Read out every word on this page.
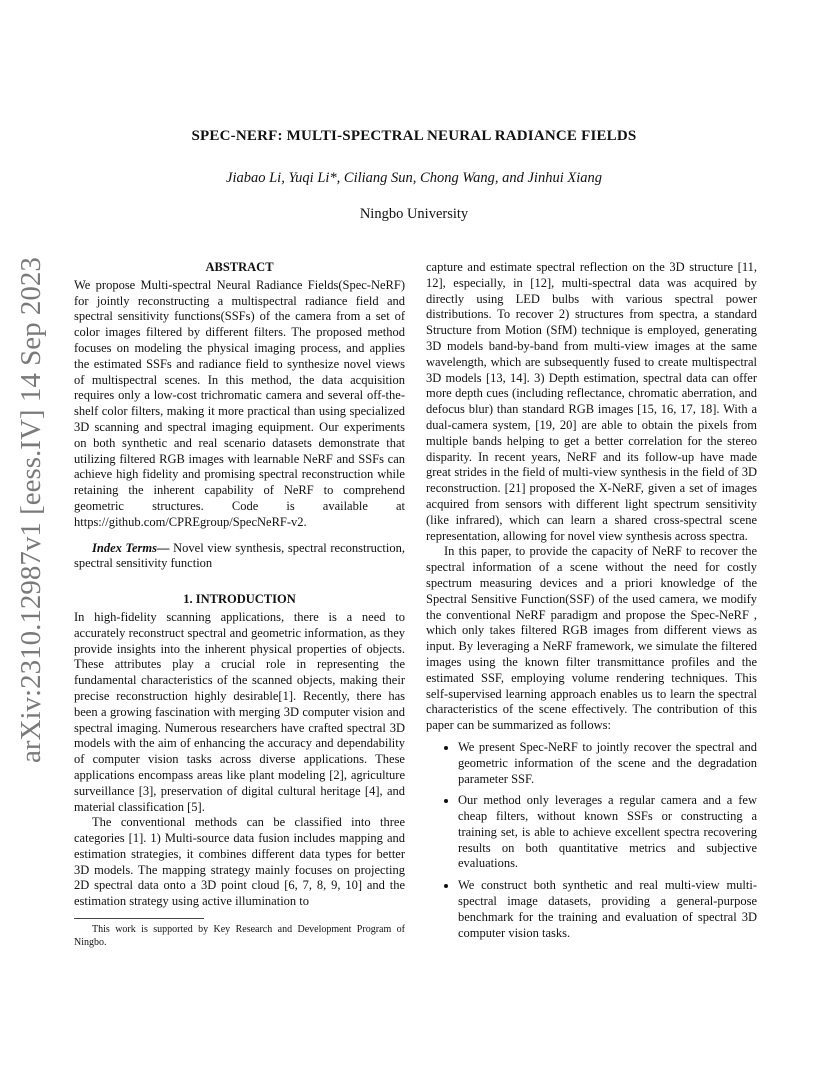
arXiv:2310.12987v1 [eess.IV] 14 Sep 2023
SPEC-NERF: MULTI-SPECTRAL NEURAL RADIANCE FIELDS
Jiabao Li, Yuqi Li*, Ciliang Sun, Chong Wang, and Jinhui Xiang
Ningbo University
ABSTRACT

We propose Multi-spectral Neural Radiance Fields(Spec-NeRF) for jointly reconstructing a multispectral radiance field and spectral sensitivity functions(SSFs) of the camera from a set of color images filtered by different filters. The proposed method focuses on modeling the physical imaging process, and applies the estimated SSFs and radiance field to synthesize novel views of multispectral scenes. In this method, the data acquisition requires only a low-cost trichromatic camera and several off-the-shelf color filters, making it more practical than using specialized 3D scanning and spectral imaging equipment. Our experiments on both synthetic and real scenario datasets demonstrate that utilizing filtered RGB images with learnable NeRF and SSFs can achieve high fidelity and promising spectral reconstruction while retaining the inherent capability of NeRF to comprehend geometric structures. Code is available at https://github.com/CPREgroup/SpecNeRF-v2.

Index Terms— Novel view synthesis, spectral reconstruction, spectral sensitivity function

1. INTRODUCTION

In high-fidelity scanning applications, there is a need to accurately reconstruct spectral and geometric information, as they provide insights into the inherent physical properties of objects. These attributes play a crucial role in representing the fundamental characteristics of the scanned objects, making their precise reconstruction highly desirable[1]. Recently, there has been a growing fascination with merging 3D computer vision and spectral imaging. Numerous researchers have crafted spectral 3D models with the aim of enhancing the accuracy and dependability of computer vision tasks across diverse applications. These applications encompass areas like plant modeling [2], agriculture surveillance [3], preservation of digital cultural heritage [4], and material classification [5].

The conventional methods can be classified into three categories [1]. 1) Multi-source data fusion includes mapping and estimation strategies, it combines different data types for better 3D models. The mapping strategy mainly focuses on projecting 2D spectral data onto a 3D point cloud [6, 7, 8, 9, 10] and the estimation strategy using active illumination to

This work is supported by Key Research and Development Program of Ningbo.

capture and estimate spectral reflection on the 3D structure [11, 12], especially, in [12], multi-spectral data was acquired by directly using LED bulbs with various spectral power distributions. To recover 2) structures from spectra, a standard Structure from Motion (SfM) technique is employed, generating 3D models band-by-band from multi-view images at the same wavelength, which are subsequently fused to create multispectral 3D models [13, 14]. 3) Depth estimation, spectral data can offer more depth cues (including reflectance, chromatic aberration, and defocus blur) than standard RGB images [15, 16, 17, 18]. With a dual-camera system, [19, 20] are able to obtain the pixels from multiple bands helping to get a better correlation for the stereo disparity. In recent years, NeRF and its follow-up have made great strides in the field of multi-view synthesis in the field of 3D reconstruction. [21] proposed the X-NeRF, given a set of images acquired from sensors with different light spectrum sensitivity (like infrared), which can learn a shared cross-spectral scene representation, allowing for novel view synthesis across spectra.

In this paper, to provide the capacity of NeRF to recover the spectral information of a scene without the need for costly spectrum measuring devices and a priori knowledge of the Spectral Sensitive Function(SSF) of the used camera, we modify the conventional NeRF paradigm and propose the Spec-NeRF , which only takes filtered RGB images from different views as input. By leveraging a NeRF framework, we simulate the filtered images using the known filter transmittance profiles and the estimated SSF, employing volume rendering techniques. This self-supervised learning approach enables us to learn the spectral characteristics of the scene effectively. The contribution of this paper can be summarized as follows:

• We present Spec-NeRF to jointly recover the spectral and geometric information of the scene and the degradation parameter SSF.
• Our method only leverages a regular camera and a few cheap filters, without known SSFs or constructing a training set, is able to achieve excellent spectra recovering results on both quantitative metrics and subjective evaluations.
• We construct both synthetic and real multi-view multi-spectral image datasets, providing a general-purpose benchmark for the training and evaluation of spectral 3D computer vision tasks.
